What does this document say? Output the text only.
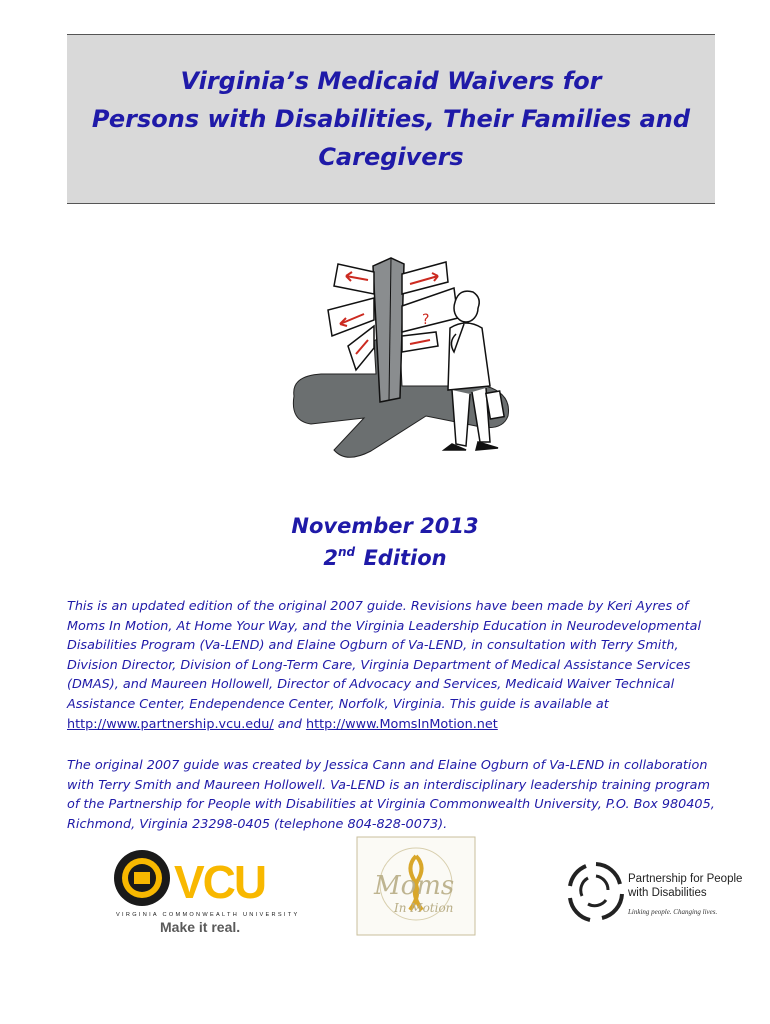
Virginia’s Medicaid Waivers for
Persons with Disabilities, Their Families and
Caregivers
?
November 2013
2nd Edition
This is an updated edition of the original 2007 guide. Revisions have been made by Keri Ayres of Moms In Motion, At Home Your Way, and the Virginia Leadership Education in Neurodevelopmental Disabilities Program (Va-LEND) and Elaine Ogburn of Va-LEND, in consultation with Terry Smith, Division Director, Division of Long-Term Care, Virginia Department of Medical Assistance Services (DMAS), and Maureen Hollowell, Director of Advocacy and Services, Medicaid Waiver Technical Assistance Center, Endependence Center, Norfolk, Virginia. This guide is available at http://www.partnership.vcu.edu/ and http://www.MomsInMotion.net
The original 2007 guide was created by Jessica Cann and Elaine Ogburn of Va-LEND in collaboration with Terry Smith and Maureen Hollowell. Va-LEND is an interdisciplinary leadership training program of the Partnership for People with Disabilities at Virginia Commonwealth University, P.O. Box 980405, Richmond, Virginia 23298-0405 (telephone 804-828-0073).
VCU
VIRGINIA COMMONWEALTH UNIVERSITY
Make it real.
Moms
In Motion
Partnership for People
with Disabilities
Linking people. Changing lives.
